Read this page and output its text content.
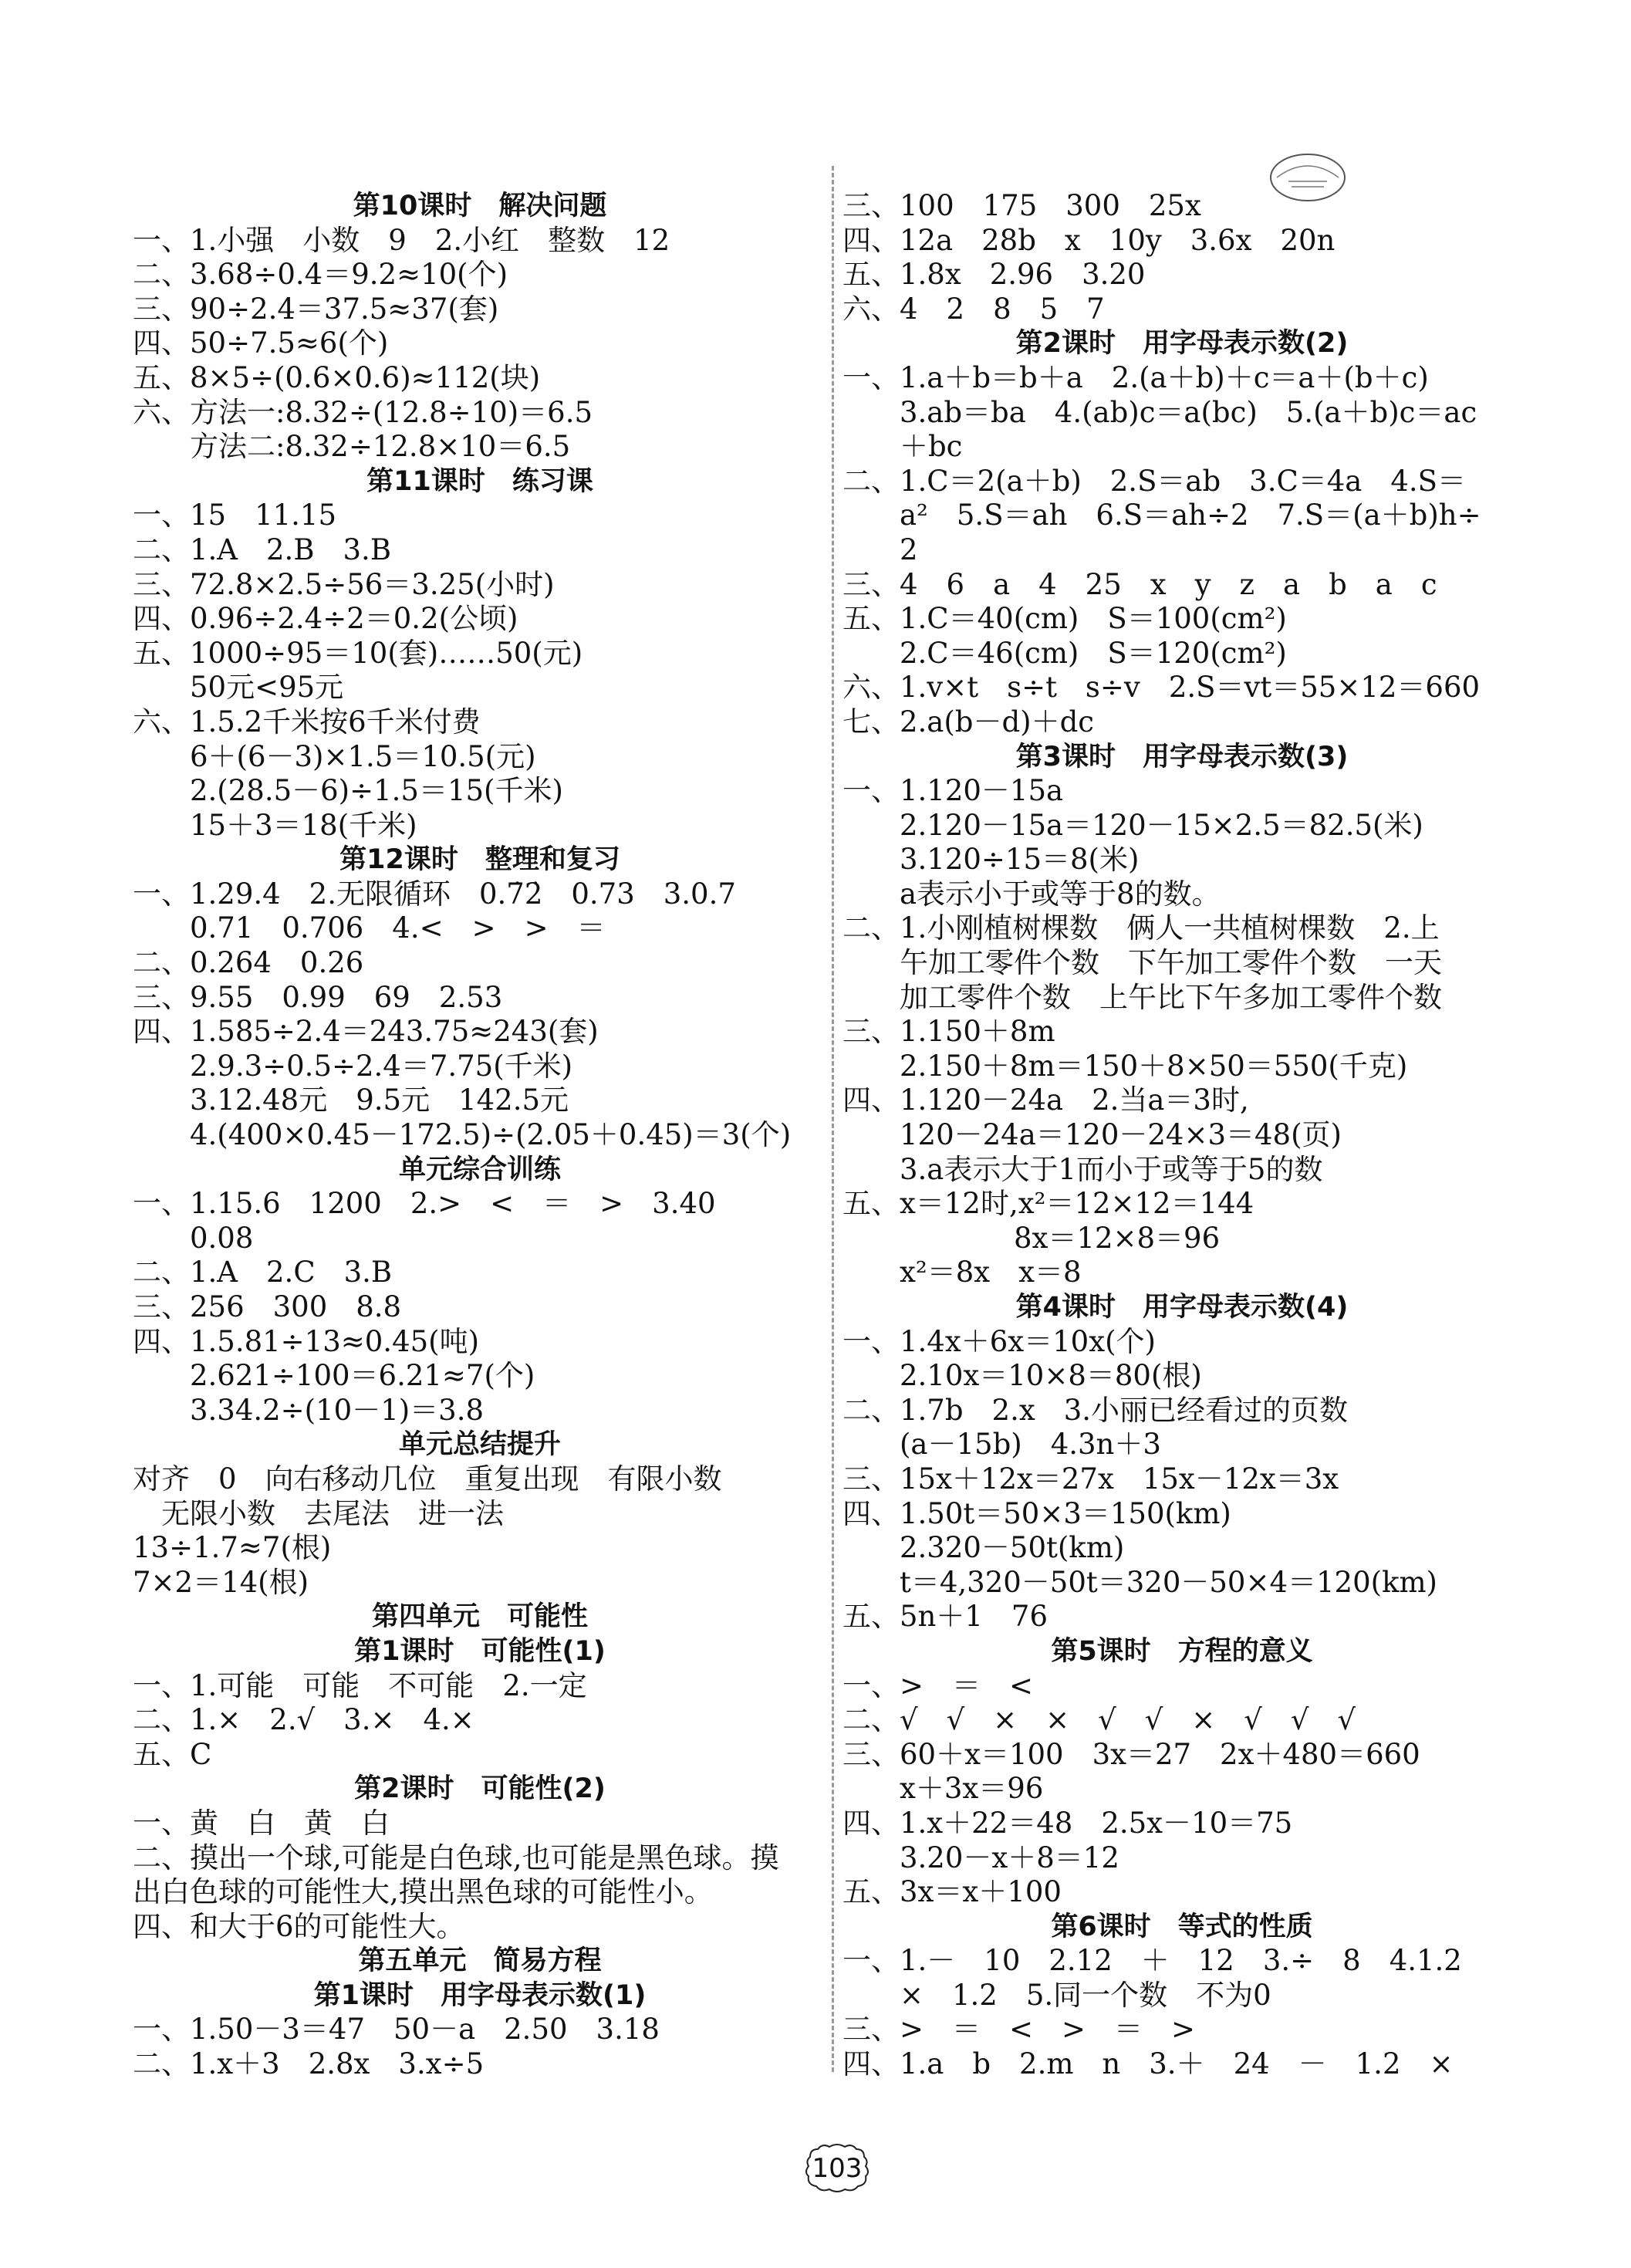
第10课时　解决问题
一、1.小强　小数　9　2.小红　整数　12
二、3.68÷0.4＝9.2≈10(个)
三、90÷2.4＝37.5≈37(套)
四、50÷7.5≈6(个)
五、8×5÷(0.6×0.6)≈112(块)
六、方法一:8.32÷(12.8÷10)＝6.5
　　方法二:8.32÷12.8×10＝6.5
第11课时　练习课
一、15　11.15
二、1.A　2.B　3.B
三、72.8×2.5÷56＝3.25(小时)
四、0.96÷2.4÷2＝0.2(公顷)
五、1000÷95＝10(套)……50(元)
　　50元<95元
六、1.5.2千米按6千米付费
　　6＋(6－3)×1.5＝10.5(元)
　　2.(28.5－6)÷1.5＝15(千米)
　　15＋3＝18(千米)
第12课时　整理和复习
一、1.29.4　2.无限循环　0.7̇2̇　0.73　3.0.7
　　0.71　0.706　4.<　>　>　＝
二、0.264　0.26
三、9.55　0.99　69　2.53
四、1.585÷2.4＝243.75≈243(套)
　　2.9.3÷0.5÷2.4＝7.75(千米)
　　3.12.48元　9.5元　142.5元
　　4.(400×0.45－172.5)÷(2.05＋0.45)＝3(个)
单元综合训练
一、1.15.6　1200　2.>　<　＝　>　3.40
　　0.08
二、1.A　2.C　3.B
三、256　300　8.8
四、1.5.81÷13≈0.45(吨)
　　2.621÷100＝6.21≈7(个)
　　3.34.2÷(10－1)＝3.8
单元总结提升
对齐　0　向右移动几位　重复出现　有限小数
　无限小数　去尾法　进一法
13÷1.7≈7(根)
7×2＝14(根)
第四单元　可能性
第1课时　可能性(1)
一、1.可能　可能　不可能　2.一定
二、1.×　2.√　3.×　4.×
五、C
第2课时　可能性(2)
一、黄　白　黄　白
二、摸出一个球,可能是白色球,也可能是黑色球。摸
出白色球的可能性大,摸出黑色球的可能性小。
四、和大于6的可能性大。
第五单元　简易方程
第1课时　用字母表示数(1)
一、1.50－3＝47　50－a　2.50　3.18
二、1.x＋3　2.8x　3.x÷5
三、100　175　300　25x
四、12a　28b　x　10y　3.6x　20n
五、1.8x　2.96　3.20
六、4　2　8　5　7
第2课时　用字母表示数(2)
一、1.a＋b＝b＋a　2.(a＋b)＋c＝a＋(b＋c)
　　3.ab＝ba　4.(ab)c＝a(bc)　5.(a＋b)c＝ac
　　＋bc
二、1.C＝2(a＋b)　2.S＝ab　3.C＝4a　4.S＝
　　a²　5.S＝ah　6.S＝ah÷2　7.S＝(a＋b)h÷
　　2
三、4　6　a　4　25　x　y　z　a　b　a　c
五、1.C＝40(cm)　S＝100(cm²)
　　2.C＝46(cm)　S＝120(cm²)
六、1.v×t　s÷t　s÷v　2.S＝vt＝55×12＝660
七、2.a(b－d)＋dc
第3课时　用字母表示数(3)
一、1.120－15a
　　2.120－15a＝120－15×2.5＝82.5(米)
　　3.120÷15＝8(米)
　　a表示小于或等于8的数。
二、1.小刚植树棵数　俩人一共植树棵数　2.上
　　午加工零件个数　下午加工零件个数　一天
　　加工零件个数　上午比下午多加工零件个数
三、1.150＋8m
　　2.150＋8m＝150＋8×50＝550(千克)
四、1.120－24a　2.当a＝3时,
　　120－24a＝120－24×3＝48(页)
　　3.a表示大于1而小于或等于5的数
五、x＝12时,x²＝12×12＝144
　　　　　　8x＝12×8＝96
　　x²＝8x　x＝8
第4课时　用字母表示数(4)
一、1.4x＋6x＝10x(个)
　　2.10x＝10×8＝80(根)
二、1.7b　2.x　3.小丽已经看过的页数
　　(a－15b)　4.3n＋3
三、15x＋12x＝27x　15x－12x＝3x
四、1.50t＝50×3＝150(km)
　　2.320－50t(km)
　　t＝4,320－50t＝320－50×4＝120(km)
五、5n＋1　76
第5课时　方程的意义
一、>　＝　<
二、√　√　×　×　√　√　×　√　√　√
三、60＋x＝100　3x＝27　2x＋480＝660
　　x＋3x＝96
四、1.x＋22＝48　2.5x－10＝75
　　3.20－x＋8＝12
五、3x＝x＋100
第6课时　等式的性质
一、1.－　10　2.12　＋　12　3.÷　8　4.1.2
　　×　1.2　5.同一个数　不为0
三、>　＝　<　>　＝　>
四、1.a　b　2.m　n　3.＋　24　－　1.2　×
103
